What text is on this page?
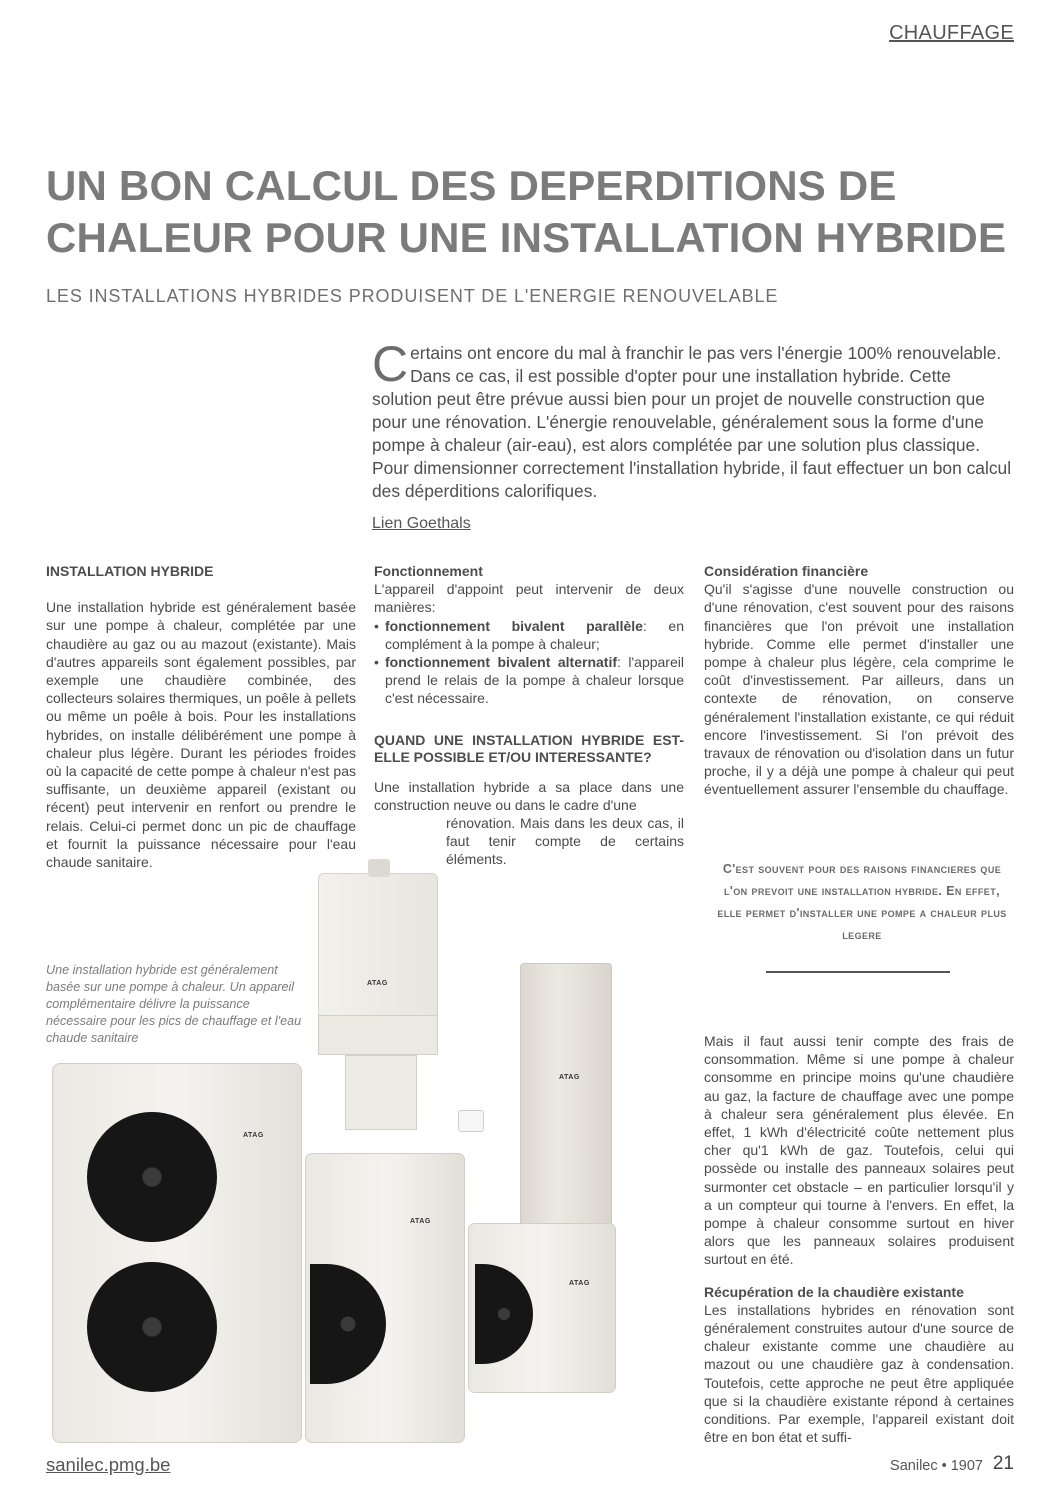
CHAUFFAGE
UN BON CALCUL DES DEPERDITIONS DE CHALEUR POUR UNE INSTALLATION HYBRIDE
LES INSTALLATIONS HYBRIDES PRODUISENT DE L'ENERGIE RENOUVELABLE

Certains ont encore du mal à franchir le pas vers l'énergie 100% renouvelable. Dans ce cas, il est possible d'opter pour une installation hybride. Cette solution peut être prévue aussi bien pour un projet de nouvelle construction que pour une rénovation. L'énergie renouvelable, généralement sous la forme d'une pompe à chaleur (air-eau), est alors complétée par une solution plus classique. Pour dimensionner correctement l'installation hybride, il faut effectuer un bon calcul des déperditions calorifiques.

Lien Goethals
INSTALLATION HYBRIDE

Une installation hybride est généralement basée sur une pompe à chaleur, complétée par une chaudière au gaz ou au mazout (existante). Mais d'autres appareils sont également possibles, par exemple une chaudière combinée, des collecteurs solaires thermiques, un poêle à pellets ou même un poêle à bois. Pour les installations hybrides, on installe délibérément une pompe à chaleur plus légère. Durant les périodes froides où la capacité de cette pompe à chaleur n'est pas suffisante, un deuxième appareil (existant ou récent) peut intervenir en renfort ou prendre le relais. Celui-ci permet donc un pic de chauffage et fournit la puissance nécessaire pour l'eau chaude sanitaire.

Fonctionnement

L'appareil d'appoint peut intervenir de deux manières:

• fonctionnement bivalent parallèle: en complément à la pompe à chaleur;
• fonctionnement bivalent alternatif: l'appareil prend le relais de la pompe à chaleur lorsque c'est nécessaire.
QUAND UNE INSTALLATION HYBRIDE EST-ELLE POSSIBLE ET/OU INTERESSANTE?

Une installation hybride a sa place dans une construction neuve ou dans le cadre d'une

rénovation. Mais dans les deux cas, il faut tenir compte de certains éléments.

Considération financière

Qu'il s'agisse d'une nouvelle construction ou d'une rénovation, c'est souvent pour des raisons financières que l'on prévoit une installation hybride. Comme elle permet d'installer une pompe à chaleur plus légère, cela comprime le coût d'investissement. Par ailleurs, dans un contexte de rénovation, on conserve généralement l'installation existante, ce qui réduit encore l'investissement. Si l'on prévoit des travaux de rénovation ou d'isolation dans un futur proche, il y a déjà une pompe à chaleur qui peut éventuellement assurer l'ensemble du chauffage.

C'est souvent pour des raisons financieres que l'on prevoit une installation hybride. En effet, elle permet d'installer une pompe a chaleur plus legere

Mais il faut aussi tenir compte des frais de consommation. Même si une pompe à chaleur consomme en principe moins qu'une chaudière au gaz, la facture de chauffage avec une pompe à chaleur sera généralement plus élevée. En effet, 1 kWh d'électricité coûte nettement plus cher qu'1 kWh de gaz. Toutefois, celui qui possède ou installe des panneaux solaires peut surmonter cet obstacle – en particulier lorsqu'il y a un compteur qui tourne à l'envers. En effet, la pompe à chaleur consomme surtout en hiver alors que les panneaux solaires produisent surtout en été.

Récupération de la chaudière existante

Les installations hybrides en rénovation sont généralement construites autour d'une source de chaleur existante comme une chaudière au mazout ou une chaudière gaz à condensation. Toutefois, cette approche ne peut être appliquée que si la chaudière existante répond à certaines conditions. Par exemple, l'appareil existant doit être en bon état et suffi-

Une installation hybride est généralement basée sur une pompe à chaleur. Un appareil complémentaire délivre la puissance nécessaire pour les pics de chauffage et l'eau chaude sanitaire
ATAG
ATAG
ATAG
ATAG
ATAG
sanilec.pmg.be	Sanilec • 1907 21
